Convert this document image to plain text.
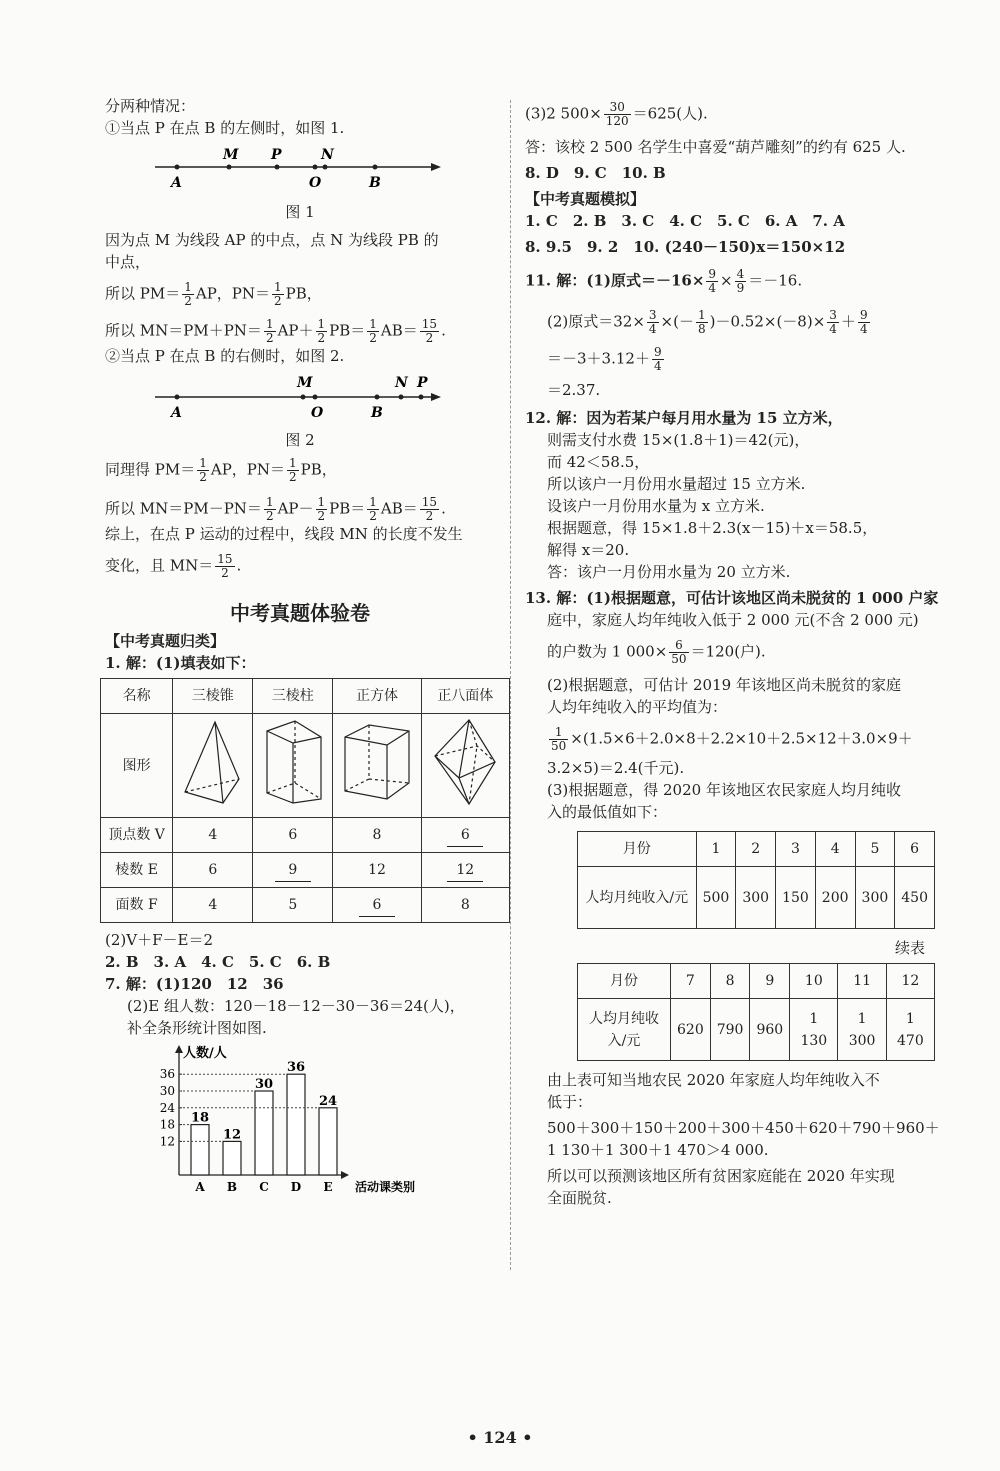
分两种情况：

①当点 P 在点 B 的左侧时，如图 1.

M P	N
A	O	B

图 1

因为点 M 为线段 AP 的中点，点 N 为线段 PB 的

中点，

所以 $PM= \frac{1}{2}$ AP，$PN= \frac{1}{2}$ PB，

所以 $MN=PM+PN= \frac{1}{2} AP+ \frac{1}{2} PB= \frac{1}{2} AB= \frac{15}{2}$ .

②当点 P 在点 B 的右侧时，如图 2.

M	N P
A	O	B

图 2

同理得 $PM= \frac{1}{2}$ AP，$PN= \frac{1}{2}$ PB，

所以 $MN=PM-PN= \frac{1}{2} AP- \frac{1}{2} PB= \frac{1}{2} AB= \frac{15}{2}$ .

综上，在点 P 运动的过程中，线段 MN 的长度不发生

变化，且 $MN= \frac{15}{2}$ .

中考真题体验卷

【中考真题归类】

1. 解：(1)填表如下：

名称	三棱锥	三棱柱	正方体	正八面体
图形				
顶点数 V	4	6	8	6
棱数 E	6	9	12	12
面数 F	4	5	6	8

(2)V＋F－E＝2

2. B　3. A　4. C　5. C　6. B

7. 解：(1)120　12　36

(2)E 组人数：120－18－12－30－36＝24(人)，

补全条形统计图如图.

人数/人
12
18
24
30
36
18
A
12
B
30
C
36
D
24
E 活动课类别

(3)2 $500\times \frac{30}{120} =625$(人).

答：该校 2 500 名学生中喜爱“葫芦雕刻”的约有 625 人.

8. D　9. C　10. B

【中考真题模拟】

1. C　2. B　3. C　4. C　5. C　6. A　7. A

8. 9.5　9. 2　10. (240－150)x＝150×12

11. 解：(1)原式$=-16\times \frac{9}{4} \times \frac{4}{9} =-16$.

(2)原式$=32\times \frac{3}{4}$ ×(－ $\frac{1}{8} )-0.52\times(-8)\times \frac{3}{4} + \frac{9}{4}$

$=-3+3.12+ \frac{9}{4}$

＝2.37.

12. 解：因为若某户每月用水量为 15 立方米，

则需支付水费 15×(1.8＋1)＝42(元)，

而 42＜58.5，

所以该户一月份用水量超过 15 立方米.

设该户一月份用水量为 x 立方米.

根据题意，得 15×1.8＋2.3(x－15)＋x＝58.5，

解得 x＝20.

答：该户一月份用水量为 20 立方米.

13. 解：(1)根据题意，可估计该地区尚未脱贫的 1 000 户家

庭中，家庭人均年纯收入低于 2 000 元(不含 2 000 元)

的户数为 1 $000\times \frac{6}{50} =120$(户).

(2)根据题意，可估计 2019 年该地区尚未脱贫的家庭

人均年纯收入的平均值为：

$\frac{1}{50} \times(1.5\times 6+2.0\times 8+2.2\times 10+2.5\times 12+3.0\times 9+$

3.2×5)＝2.4(千元).

(3)根据题意，得 2020 年该地区农民家庭人均月纯收

入的最低值如下：

月份	1	2	3	4	5	6
人均月纯收入/元	500	300	150	200	300	450

续表

月份	7	8	9	10	11	12
人均月纯收入/元	620	790	960	1 130	1 300	1 470

由上表可知当地农民 2020 年家庭人均年纯收入不

低于：

500＋300＋150＋200＋300＋450＋620＋790＋960＋

1 130＋1 300＋1 470＞4 000.

所以可以预测该地区所有贫困家庭能在 2020 年实现

全面脱贫.

• 124 •
